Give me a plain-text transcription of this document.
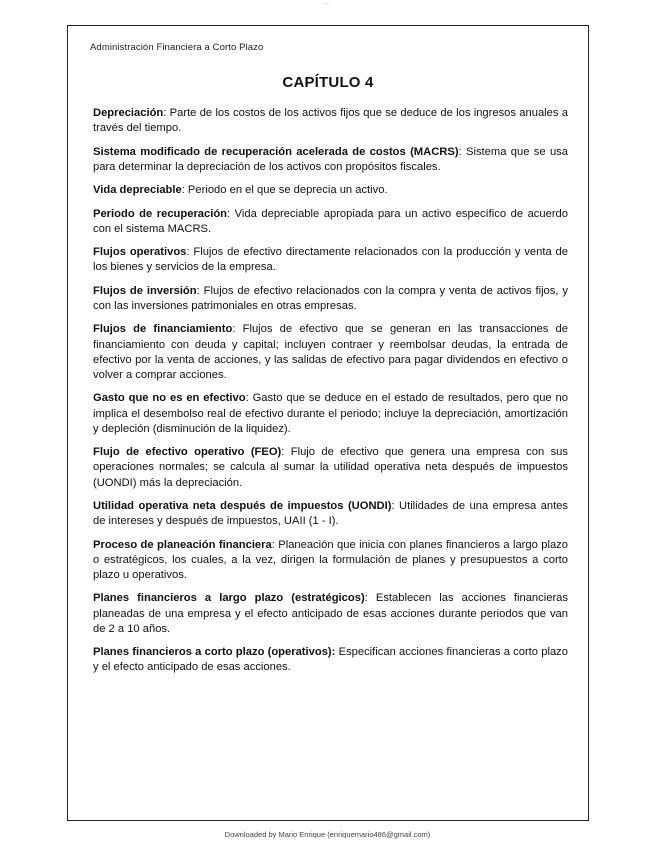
- - -
Administración Financiera a Corto Plazo
CAPÍTULO 4

Depreciación: Parte de los costos de los activos fijos que se deduce de los ingresos anuales a través del tiempo.

Sistema modificado de recuperación acelerada de costos (MACRS): Sistema que se usa para determinar la depreciación de los activos con propósitos fiscales.

Vida depreciable: Periodo en el que se deprecia un activo.

Periodo de recuperación: Vida depreciable apropiada para un activo específico de acuerdo con el sistema MACRS.

Flujos operativos: Flujos de efectivo directamente relacionados con la producción y venta de los bienes y servicios de la empresa.

Flujos de inversión: Flujos de efectivo relacionados con la compra y venta de activos fijos, y con las inversiones patrimoniales en otras empresas.

Flujos de financiamiento: Flujos de efectivo que se generan en las transacciones de financiamiento con deuda y capital; incluyen contraer y reembolsar deudas, la entrada de efectivo por la venta de acciones, y las salidas de efectivo para pagar dividendos en efectivo o volver a comprar acciones.

Gasto que no es en efectivo: Gasto que se deduce en el estado de resultados, pero que no implica el desembolso real de efectivo durante el periodo; incluye la depreciación, amortización y depleción (disminución de la liquidez).

Flujo de efectivo operativo (FEO): Flujo de efectivo que genera una empresa con sus operaciones normales; se calcula al sumar la utilidad operativa neta después de impuestos (UONDI) más la depreciación.

Utilidad operativa neta después de impuestos (UONDI): Utilidades de una empresa antes de intereses y después de impuestos, UAII (1 - I).

Proceso de planeación financiera: Planeación que inicia con planes financieros a largo plazo o estratégicos, los cuales, a la vez, dirigen la formulación de planes y presupuestos a corto plazo u operativos.

Planes financieros a largo plazo (estratégicos): Establecen las acciones financieras planeadas de una empresa y el efecto anticipado de esas acciones durante periodos que van de 2 a 10 años.

Planes financieros a corto plazo (operativos): Especifican acciones financieras a corto plazo y el efecto anticipado de esas acciones.

Downloaded by Mario Enrique (enriquemario486@gmail.com)
